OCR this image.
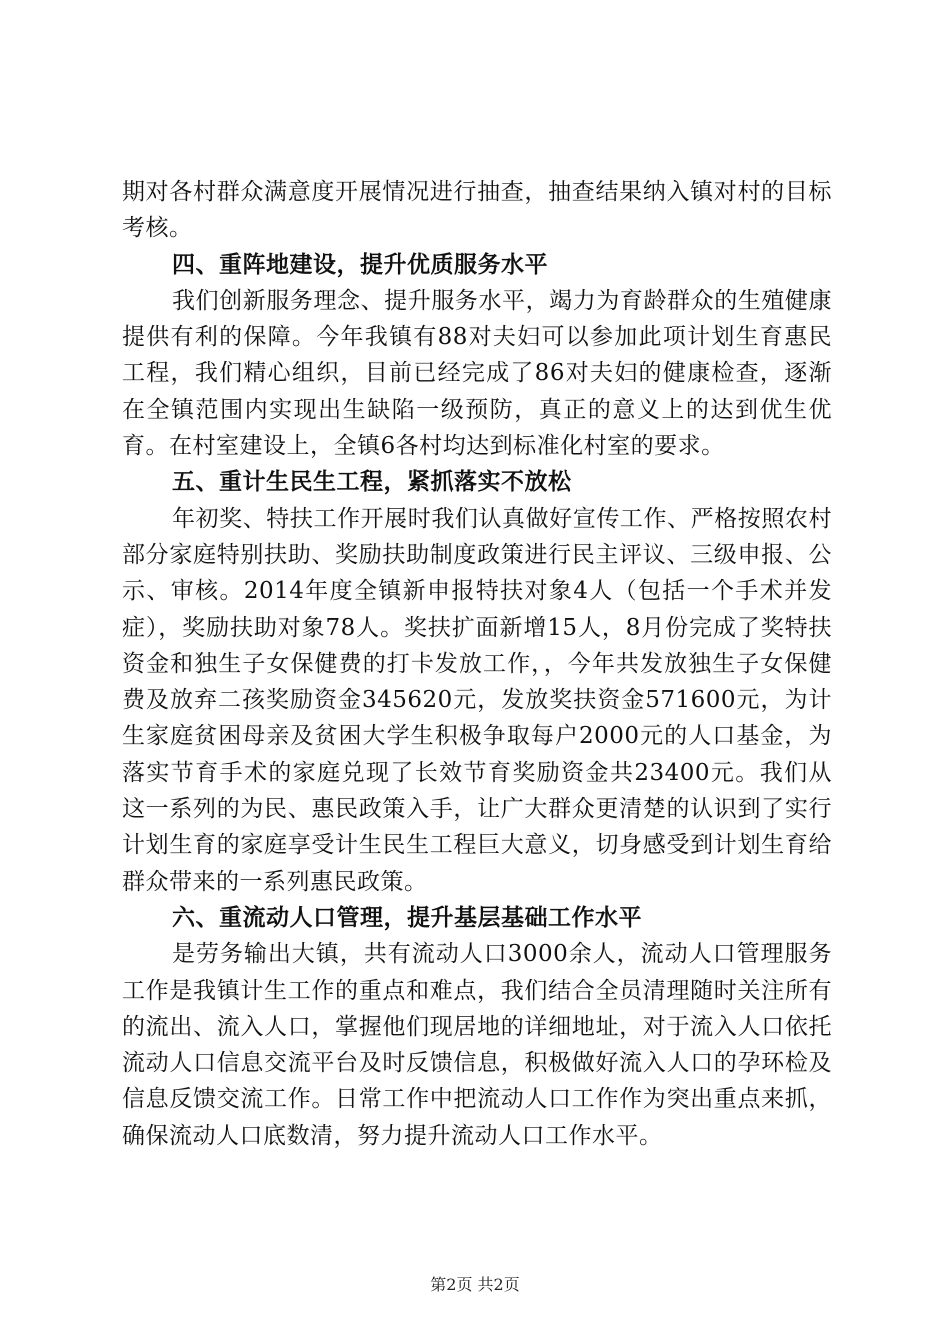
期对各村群众满意度开展情况进行抽查，抽查结果纳入镇对村的目标考核。

四、重阵地建设，提升优质服务水平

我们创新服务理念、提升服务水平，竭力为育龄群众的生殖健康提供有利的保障。今年我镇有88对夫妇可以参加此项计划生育惠民工程，我们精心组织，目前已经完成了86对夫妇的健康检查，逐渐在全镇范围内实现出生缺陷一级预防，真正的意义上的达到优生优育。在村室建设上，全镇6各村均达到标准化村室的要求。

五、重计生民生工程，紧抓落实不放松

年初奖、特扶工作开展时我们认真做好宣传工作、严格按照农村部分家庭特别扶助、奖励扶助制度政策进行民主评议、三级申报、公示、审核。2014年度全镇新申报特扶对象4人（包括一个手术并发症），奖励扶助对象78人。奖扶扩面新增15人，8月份完成了奖特扶资金和独生子女保健费的打卡发放工作，，今年共发放独生子女保健费及放弃二孩奖励资金345620元，发放奖扶资金571600元，为计生家庭贫困母亲及贫困大学生积极争取每户2000元的人口基金，为落实节育手术的家庭兑现了长效节育奖励资金共23400元。我们从这一系列的为民、惠民政策入手，让广大群众更清楚的认识到了实行计划生育的家庭享受计生民生工程巨大意义，切身感受到计划生育给群众带来的一系列惠民政策。

六、重流动人口管理，提升基层基础工作水平

是劳务输出大镇，共有流动人口3000余人，流动人口管理服务工作是我镇计生工作的重点和难点，我们结合全员清理随时关注所有的流出、流入人口，掌握他们现居地的详细地址，对于流入人口依托流动人口信息交流平台及时反馈信息，积极做好流入人口的孕环检及信息反馈交流工作。日常工作中把流动人口工作作为突出重点来抓，确保流动人口底数清，努力提升流动人口工作水平。

第2页 共2页
